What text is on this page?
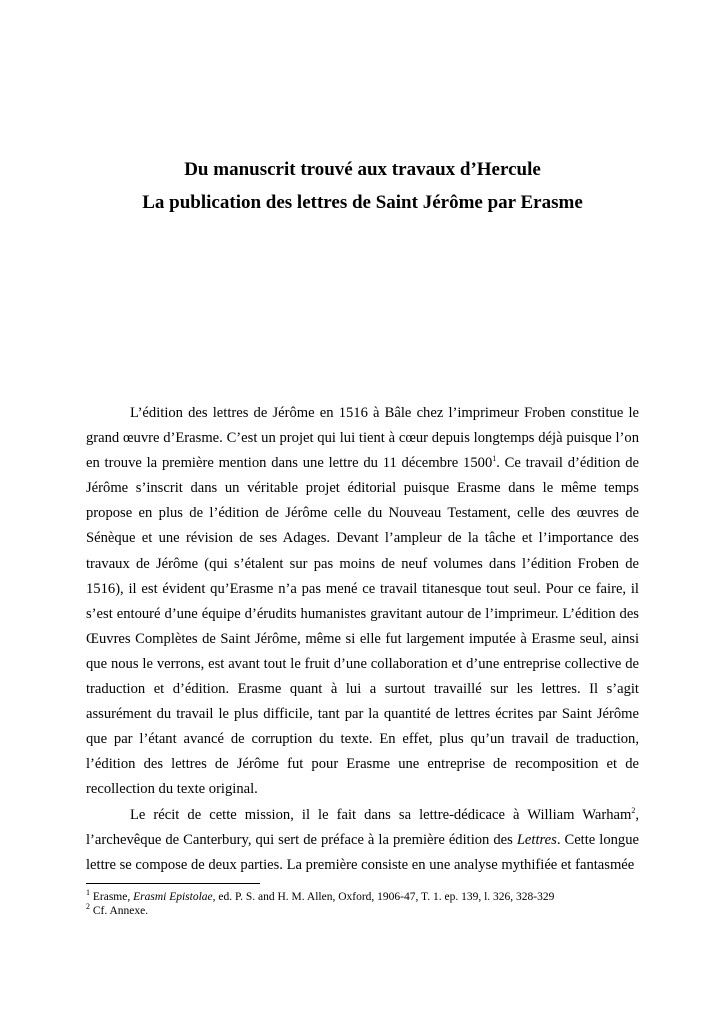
Du manuscrit trouvé aux travaux d’Hercule
La publication des lettres de Saint Jérôme par Erasme

L’édition des lettres de Jérôme en 1516 à Bâle chez l’imprimeur Froben constitue le grand œuvre d’Erasme. C’est un projet qui lui tient à cœur depuis longtemps déjà puisque l’on en trouve la première mention dans une lettre du 11 décembre 1500$^1$. Ce travail d’édition de Jérôme s’inscrit dans un véritable projet éditorial puisque Erasme dans le même temps propose en plus de l’édition de Jérôme celle du Nouveau Testament, celle des œuvres de Sénèque et une révision de ses Adages. Devant l’ampleur de la tâche et l’importance des travaux de Jérôme (qui s’étalent sur pas moins de neuf volumes dans l’édition Froben de 1516), il est évident qu’Erasme n’a pas mené ce travail titanesque tout seul. Pour ce faire, il s’est entouré d’une équipe d’érudits humanistes gravitant autour de l’imprimeur. L’édition des Œuvres Complètes de Saint Jérôme, même si elle fut largement imputée à Erasme seul, ainsi que nous le verrons, est avant tout le fruit d’une collaboration et d’une entreprise collective de traduction et d’édition. Erasme quant à lui a surtout travaillé sur les lettres. Il s’agit assurément du travail le plus difficile, tant par la quantité de lettres écrites par Saint Jérôme que par l’étant avancé de corruption du texte. En effet, plus qu’un travail de traduction, l’édition des lettres de Jérôme fut pour Erasme une entreprise de recomposition et de recollection du texte original.

Le récit de cette mission, il le fait dans sa lettre-dédicace à William Warham$^2$, l’archevêque de Canterbury, qui sert de préface à la première édition des Lettres. Cette longue lettre se compose de deux parties. La première consiste en une analyse mythifiée et fantasmée

$^1$ Erasme, Erasmi Epistolae, ed. P. S. and H. M. Allen, Oxford, 1906-47, T. 1. ep. 139, l. 326, 328-329

$^2$ Cf. Annexe.
